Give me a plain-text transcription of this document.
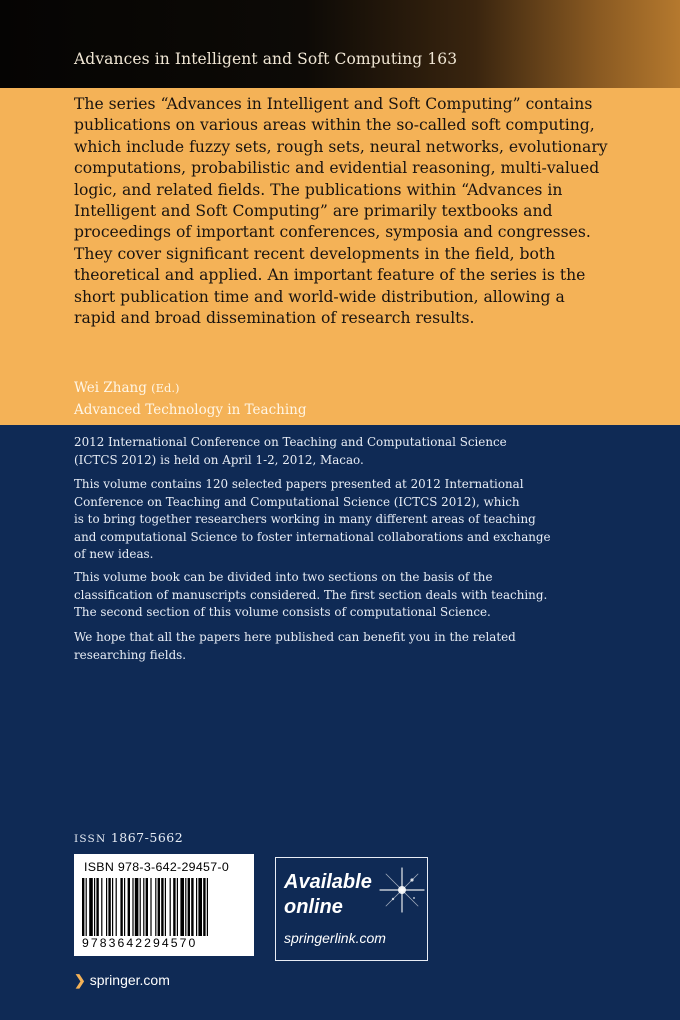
Advances in Intelligent and Soft Computing 163

The series “Advances in Intelligent and Soft Computing” contains
publications on various areas within the so-called soft computing,
which include fuzzy sets, rough sets, neural networks, evolutionary
computations, probabilistic and evidential reasoning, multi-valued
logic, and related fields. The publications within “Advances in
Intelligent and Soft Computing” are primarily textbooks and
proceedings of important conferences, symposia and congresses.
They cover significant recent developments in the field, both
theoretical and applied. An important feature of the series is the
short publication time and world-wide distribution, allowing a
rapid and broad dissemination of research results.

Wei Zhang (Ed.)
Advanced Technology in Teaching

2012 International Conference on Teaching and Computational Science
(ICTCS 2012) is held on April 1-2, 2012, Macao.

This volume contains 120 selected papers presented at 2012 International
Conference on Teaching and Computational Science (ICTCS 2012), which
is to bring together researchers working in many different areas of teaching
and computational Science to foster international collaborations and exchange
of new ideas.

This volume book can be divided into two sections on the basis of the
classification of manuscripts considered. The first section deals with teaching.
The second section of this volume consists of computational Science.

We hope that all the papers here published can benefit you in the related
researching fields.

ISSN 1867-5662
ISBN 978-3-642-29457-0
9783642294570
Available
online
springerlink.com
❯ springer.com
